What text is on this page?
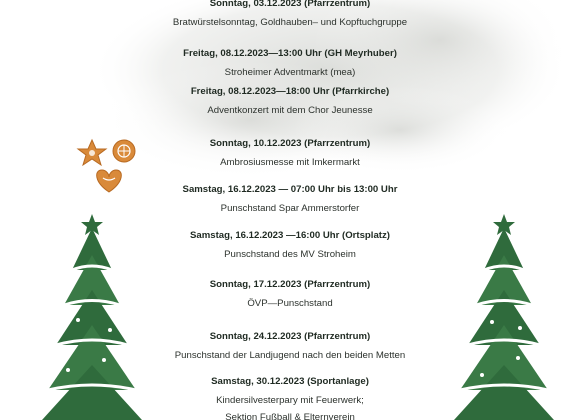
Sonntag, 03.12.2023 (Pfarrzentrum)
Bratwürstelsonntag, Goldhauben– und Kopftuchgruppe
Freitag, 08.12.2023—13:00 Uhr (GH Meyrhuber)
Stroheimer Adventmarkt (mea)
Freitag, 08.12.2023—18:00 Uhr (Pfarrkirche)
Adventkonzert mit dem Chor Jeunesse
Sonntag, 10.12.2023 (Pfarrzentrum)
Ambrosiusmesse mit Imkermarkt
Samstag, 16.12.2023 — 07:00 Uhr bis 13:00 Uhr
Punschstand Spar Ammerstorfer
Samstag, 16.12.2023 —16:00 Uhr (Ortsplatz)
Punschstand des MV Stroheim
Sonntag, 17.12.2023 (Pfarrzentrum)
ÖVP—Punschstand
Sonntag, 24.12.2023 (Pfarrzentrum)
Punschstand der Landjugend nach den beiden Metten
Samstag, 30.12.2023 (Sportanlage)
Kindersilvesterpary mit Feuerwerk;
Sektion Fußball & Elternverein
